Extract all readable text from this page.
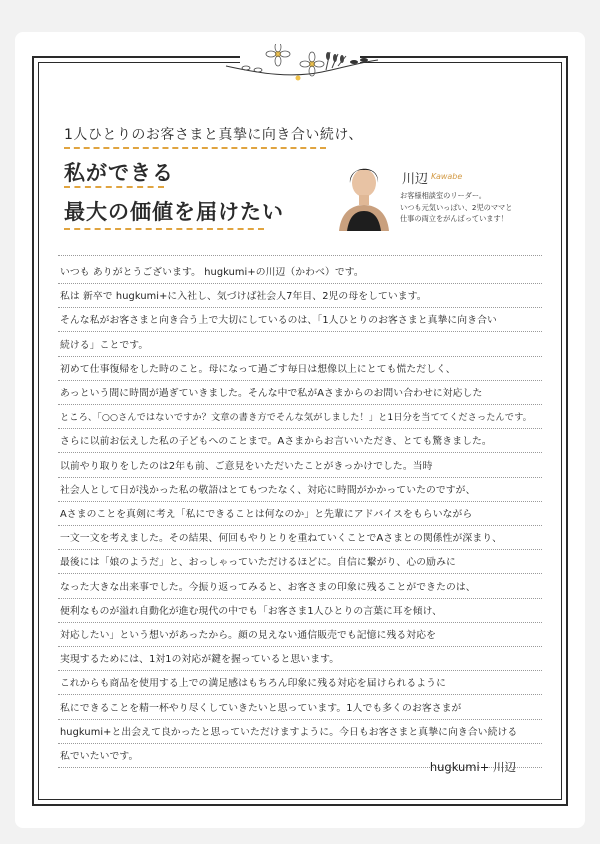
1人ひとりのお客さまと真摯に向き合い続け、
私ができる
最大の価値を届けたい
川辺 Kawabe
お客様相談室のリーダー。
いつも元気いっぱい、2児のママと
仕事の両立をがんばっています！
いつも ありがとうございます。 hugkumi+の川辺（かわべ）です。
私は 新卒で hugkumi+に入社し、気づけば社会人7年目、2児の母をしています。
そんな私がお客さまと向き合う上で大切にしているのは、「1人ひとりのお客さまと真摯に向き合い
続ける」ことです。
初めて仕事復帰をした時のこと。母になって過ごす毎日は想像以上にとても慌ただしく、
あっという間に時間が過ぎていきました。そんな中で私がAさまからのお問い合わせに対応した
ところ、「○○さんではないですか？文章の書き方でそんな気がしました！」と1日分を当ててくださったんです。
さらに以前お伝えした私の子どもへのことまで。Aさまからお言いいただき、とても驚きました。
以前やり取りをしたのは2年も前、ご意見をいただいたことがきっかけでした。当時
社会人として日が浅かった私の敬語はとてもつたなく、対応に時間がかかっていたのですが、
Aさまのことを真剣に考え「私にできることは何なのか」と先輩にアドバイスをもらいながら
一文一文を考えました。その結果、何回もやりとりを重ねていくことでAさまとの関係性が深まり、
最後には「娘のようだ」と、おっしゃっていただけるほどに。自信に繋がり、心の励みに
なった大きな出来事でした。今振り返ってみると、お客さまの印象に残ることができたのは、
便利なものが溢れ自動化が進む現代の中でも「お客さま1人ひとりの言葉に耳を傾け、
対応したい」という想いがあったから。顔の見えない通信販売でも記憶に残る対応を
実現するためには、1対1の対応が鍵を握っていると思います。
これからも商品を使用する上での満足感はもちろん印象に残る対応を届けられるように
私にできることを精一杯やり尽くしていきたいと思っています。1人でも多くのお客さまが
hugkumi+と出会えて良かったと思っていただけますように。今日もお客さまと真摯に向き合い続ける
私でいたいです。
hugkumi+ 川辺
